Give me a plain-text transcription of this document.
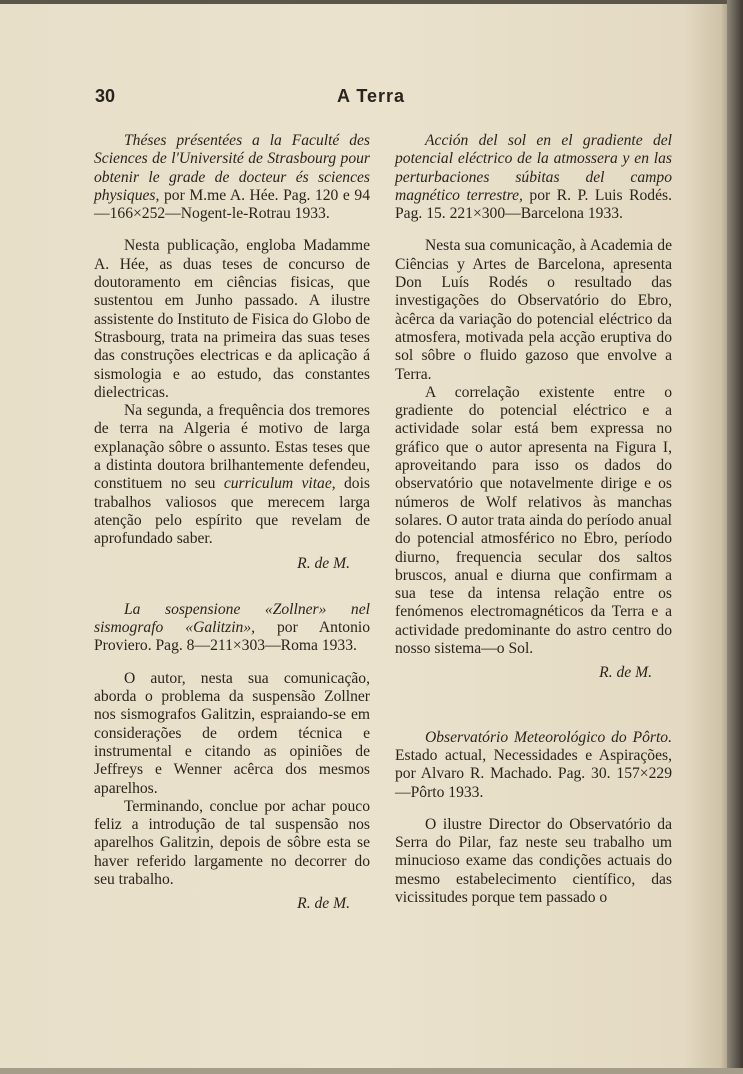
30	A Terra

Théses présentées a la Faculté des Sciences de l'Université de Strasbourg pour obtenir le grade de docteur és sciences physiques, por M.me A. Hée. Pag. 120 e 94—166×252—Nogent-le-Rotrau 1933.

Nesta publicação, engloba Madamme A. Hée, as duas teses de concurso de doutoramento em ciências fisicas, que sustentou em Junho passado. A ilustre assistente do Instituto de Fisica do Globo de Strasbourg, trata na primeira das suas teses das construções electricas e da aplicação á sismologia e ao estudo, das constantes dielectricas.

Na segunda, a frequência dos tremores de terra na Algeria é motivo de larga explanação sôbre o assunto. Estas teses que a distinta doutora brilhantemente defendeu, constituem no seu curriculum vitae, dois trabalhos valiosos que merecem larga atenção pelo espírito que revelam de aprofundado saber.

R. de M.

La sospensione «Zollner» nel sismografo «Galitzin», por Antonio Proviero. Pag. 8—211×303—Roma 1933.

O autor, nesta sua comunicação, aborda o problema da suspensão Zollner nos sismografos Galitzin, espraiando-se em considerações de ordem técnica e instrumental e citando as opiniões de Jeffreys e Wenner acêrca dos mesmos aparelhos.

Terminando, conclue por achar pouco feliz a introdução de tal suspensão nos aparelhos Galitzin, depois de sôbre esta se haver referido largamente no decorrer do seu trabalho.

R. de M.

Acción del sol en el gradiente del potencial eléctrico de la atmossera y en las perturbaciones súbitas del campo magnético terrestre, por R. P. Luis Rodés. Pag. 15. 221×300—Barcelona 1933.

Nesta sua comunicação, à Academia de Ciências y Artes de Barcelona, apresenta Don Luís Rodés o resultado das investigações do Observatório do Ebro, àcêrca da variação do potencial eléctrico da atmosfera, motivada pela acção eruptiva do sol sôbre o fluido gazoso que envolve a Terra.

A correlação existente entre o gradiente do potencial eléctrico e a actividade solar está bem expressa no gráfico que o autor apresenta na Figura I, aproveitando para isso os dados do observatório que notavelmente dirige e os números de Wolf relativos às manchas solares. O autor trata ainda do período anual do potencial atmosférico no Ebro, período diurno, frequencia secular dos saltos bruscos, anual e diurna que confirmam a sua tese da intensa relação entre os fenómenos electromagnéticos da Terra e a actividade predominante do astro centro do nosso sistema—o Sol.

R. de M.

Observatório Meteorológico do Pôrto. Estado actual, Necessidades e Aspirações, por Alvaro R. Machado. Pag. 30. 157×229—Pôrto 1933.

O ilustre Director do Observatório da Serra do Pilar, faz neste seu trabalho um minucioso exame das condições actuais do mesmo estabelecimento científico, das vicissitudes porque tem passado o
